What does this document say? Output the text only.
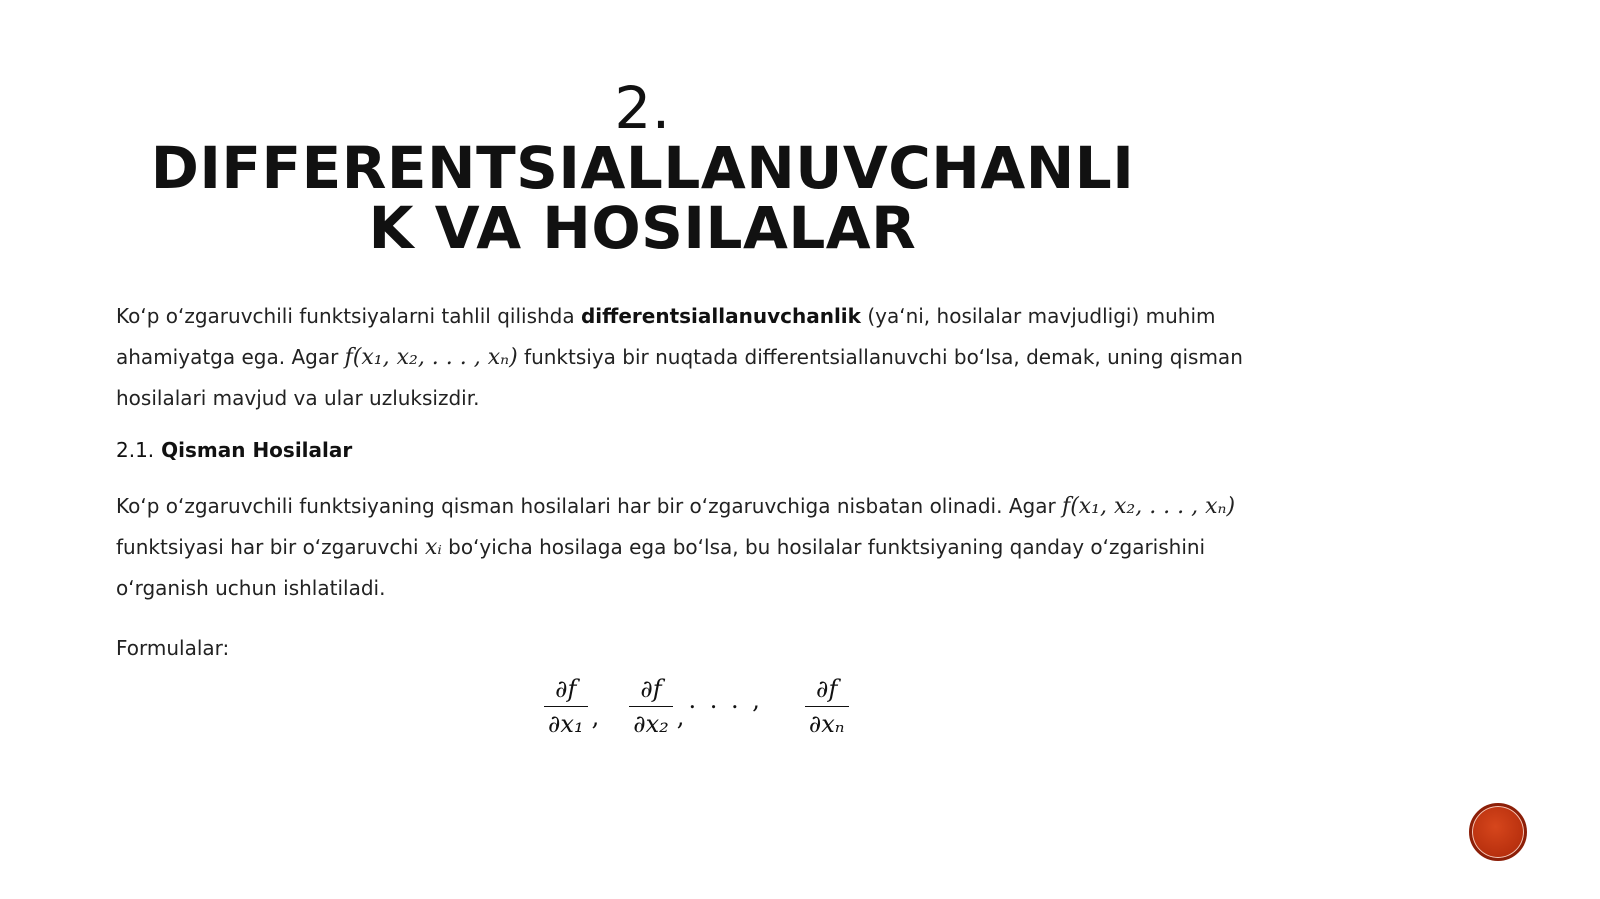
2.
DIFFERENTSIALLANUVCHANLI
K VA HOSILALAR
Koʻp oʻzgaruvchili funktsiyalarni tahlil qilishda differentsiallanuvchanlik (yaʻni, hosilalar mavjudligi) muhim ahamiyatga ega. Agar f(x₁, x₂, . . . , xₙ) funktsiya bir nuqtada differentsiallanuvchi boʻlsa, demak, uning qisman hosilalari mavjud va ular uzluksizdir.
2.1. Qisman Hosilalar
Koʻp oʻzgaruvchili funktsiyaning qisman hosilalari har bir oʻzgaruvchiga nisbatan olinadi. Agar f(x₁, x₂, . . . , xₙ) funktsiyasi har bir oʻzgaruvchi xᵢ boʻyicha hosilaga ega boʻlsa, bu hosilalar funktsiyaning qanday oʻzgarishini oʻrganish uchun ishlatiladi.
Formulalar:
$\frac{\partial f}{\text{∂x₁}}$ , $\frac{\partial f}{\text{∂x₂}}$ ,
. . . , $\frac{\partial f}{\text{∂xₙ}}$
